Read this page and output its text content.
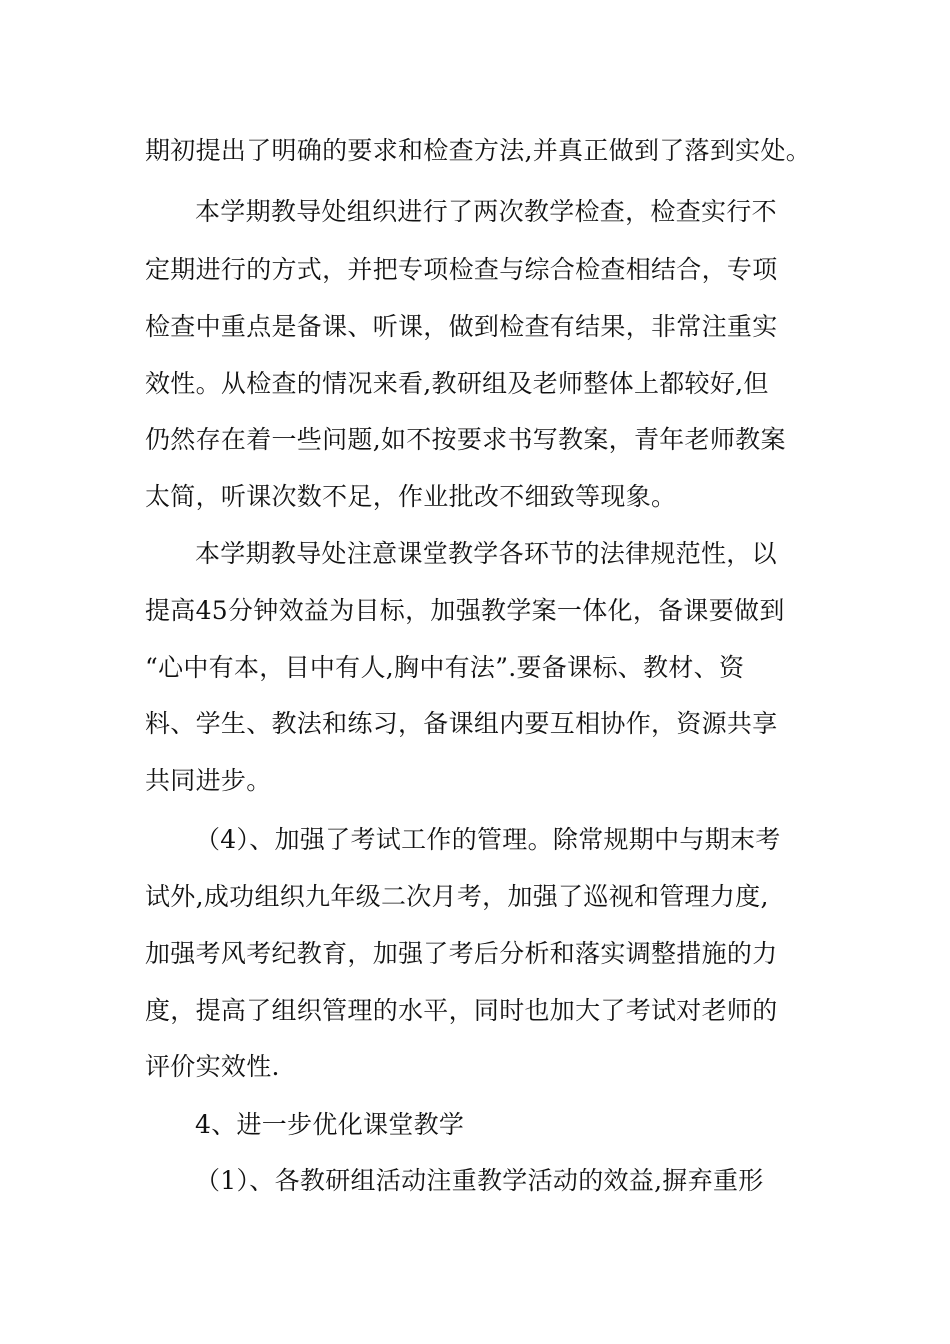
期初提出了明确的要求和检查方法,并真正做到了落到实处。
本学期教导处组织进行了两次教学检查，检查实行不
定期进行的方式，并把专项检查与综合检查相结合，专项
检查中重点是备课、听课，做到检查有结果，非常注重实
效性。从检查的情况来看,教研组及老师整体上都较好,但
仍然存在着一些问题,如不按要求书写教案，青年老师教案
太简，听课次数不足，作业批改不细致等现象。
本学期教导处注意课堂教学各环节的法律规范性，以
提高45分钟效益为目标，加强教学案一体化，备课要做到
“心中有本，目中有人,胸中有法”.要备课标、教材、资
料、学生、教法和练习，备课组内要互相协作，资源共享
共同进步。
（4）、加强了考试工作的管理。除常规期中与期末考
试外,成功组织九年级二次月考，加强了巡视和管理力度,
加强考风考纪教育，加强了考后分析和落实调整措施的力
度，提高了组织管理的水平，同时也加大了考试对老师的
评价实效性.
4、进一步优化课堂教学
（1）、各教研组活动注重教学活动的效益,摒弃重形
